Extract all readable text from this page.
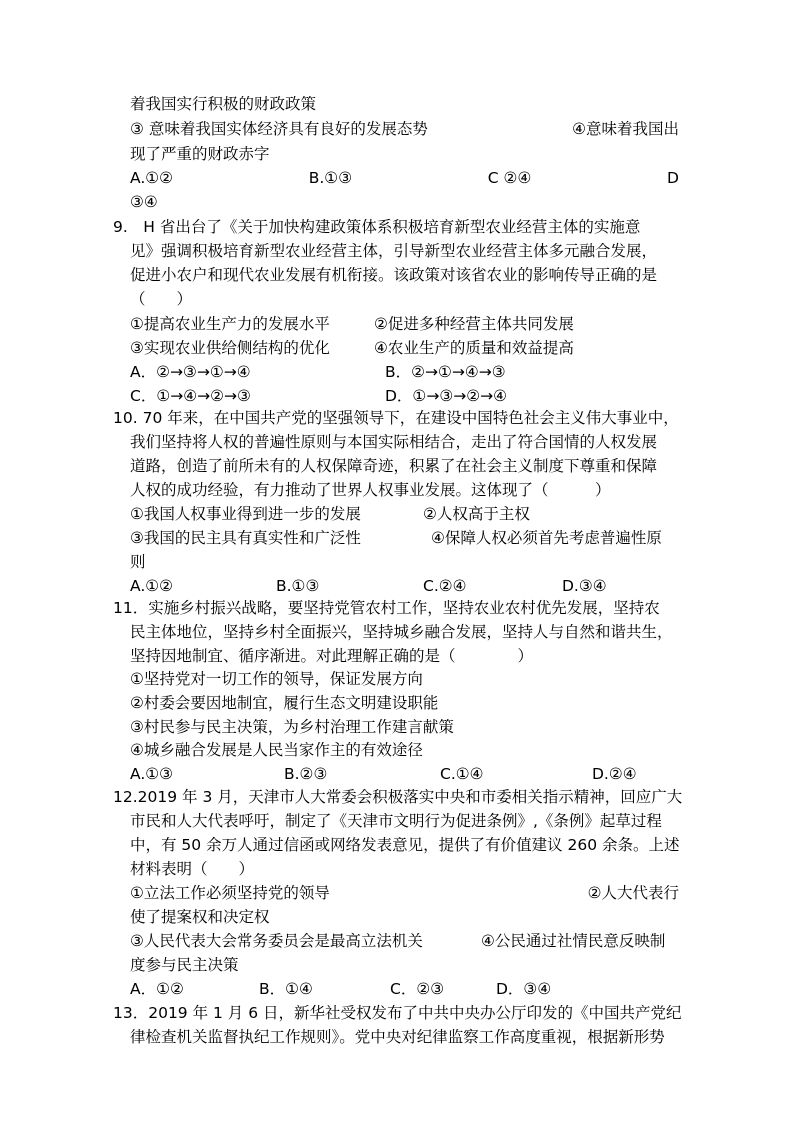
着我国实行积极的财政政策
③ 意味着我国实体经济具有良好的发展态势	④意味着我国出
现了严重的财政赤字
A.①②	B.①③	C ②④	D
③④
9.　H 省出台了《关于加快构建政策体系积极培育新型农业经营主体的实施意
见》强调积极培育新型农业经营主体，引导新型农业经营主体多元融合发展，
促进小农户和现代农业发展有机衔接。该政策对该省农业的影响传导正确的是
（　　）
①提高农业生产力的发展水平	②促进多种经营主体共同发展
③实现农业供给侧结构的优化	④农业生产的质量和效益提高
A．②→③→①→④	B．②→①→④→③
C．①→④→②→③	D．①→③→②→④
10. 70 年来，在中国共产党的坚强领导下，在建设中国特色社会主义伟大事业中，
我们坚持将人权的普遍性原则与本国实际相结合，走出了符合国情的人权发展
道路，创造了前所未有的人权保障奇迹，积累了在社会主义制度下尊重和保障
人权的成功经验，有力推动了世界人权事业发展。这体现了（　　　）
①我国人权事业得到进一步的发展	②人权高于主权
③我国的民主具有真实性和广泛性	④保障人权必须首先考虑普遍性原
则
A.①②	B.①③	C.②④	D.③④
11．实施乡村振兴战略，要坚持党管农村工作，坚持农业农村优先发展，坚持农
民主体地位，坚持乡村全面振兴，坚持城乡融合发展，坚持人与自然和谐共生，
坚持因地制宜、循序渐进。对此理解正确的是（　　　　）
①坚持党对一切工作的领导，保证发展方向
②村委会要因地制宜，履行生态文明建设职能
③村民参与民主决策，为乡村治理工作建言献策
④城乡融合发展是人民当家作主的有效途径
A.①③	B.②③	C.①④	D.②④
12.2019 年 3 月，天津市人大常委会积极落实中央和市委相关指示精神，回应广大
市民和人大代表呼吁，制定了《天津市文明行为促进条例》,《条例》起草过程
中，有 50 余万人通过信函或网络发表意见，提供了有价值建议 260 余条。上述
材料表明（　　）
①立法工作必须坚持党的领导	②人大代表行
使了提案权和决定权
③人民代表大会常务委员会是最高立法机关	④公民通过社情民意反映制
度参与民主决策
A．①②	B．①④	C．②③	D．③④
13．2019 年 1 月 6 日，新华社受权发布了中共中央办公厅印发的《中国共产党纪
律检查机关监督执纪工作规则》。党中央对纪律监察工作高度重视，根据新形势
